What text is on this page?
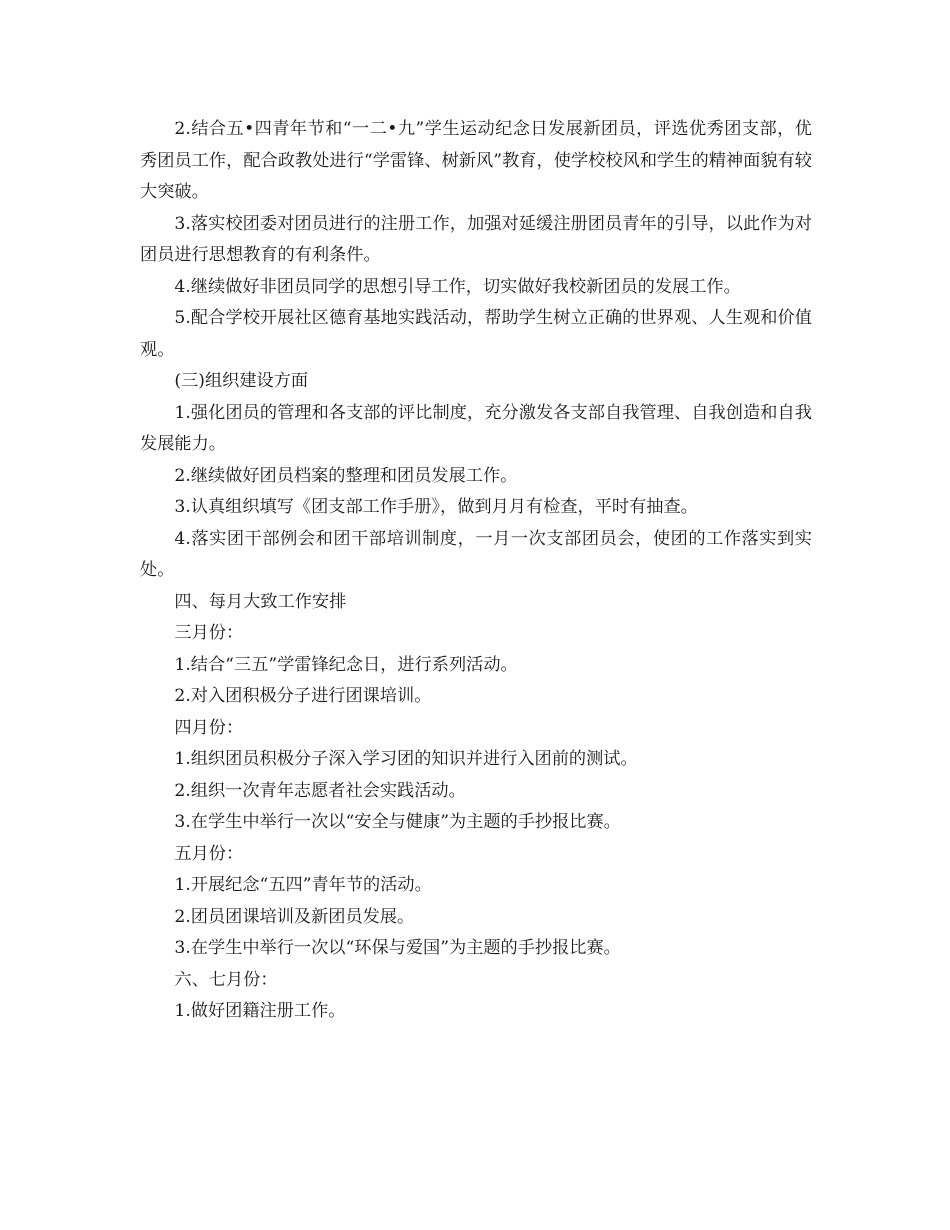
2.结合五•四青年节和“一二•九”学生运动纪念日发展新团员，评选优秀团支部，优秀团员工作，配合政教处进行“学雷锋、树新风”教育，使学校校风和学生的精神面貌有较大突破。

3.落实校团委对团员进行的注册工作，加强对延缓注册团员青年的引导，以此作为对团员进行思想教育的有利条件。

4.继续做好非团员同学的思想引导工作，切实做好我校新团员的发展工作。

5.配合学校开展社区德育基地实践活动，帮助学生树立正确的世界观、人生观和价值观。

(三)组织建设方面

1.强化团员的管理和各支部的评比制度，充分激发各支部自我管理、自我创造和自我发展能力。

2.继续做好团员档案的整理和团员发展工作。

3.认真组织填写《团支部工作手册》，做到月月有检查，平时有抽查。

4.落实团干部例会和团干部培训制度，一月一次支部团员会，使团的工作落实到实处。

四、每月大致工作安排

三月份：

1.结合“三五”学雷锋纪念日，进行系列活动。

2.对入团积极分子进行团课培训。

四月份：

1.组织团员积极分子深入学习团的知识并进行入团前的测试。

2.组织一次青年志愿者社会实践活动。

3.在学生中举行一次以“安全与健康”为主题的手抄报比赛。

五月份：

1.开展纪念“五四”青年节的活动。

2.团员团课培训及新团员发展。

3.在学生中举行一次以“环保与爱国”为主题的手抄报比赛。

六、七月份：

1.做好团籍注册工作。
